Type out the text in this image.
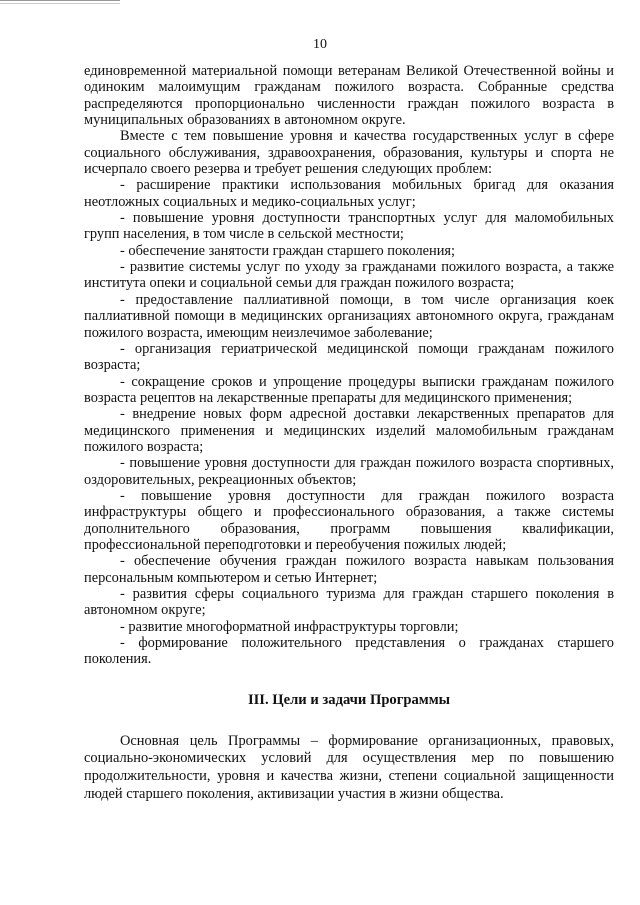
10

единовременной материальной помощи ветеранам Великой Отечественной войны и одиноким малоимущим гражданам пожилого возраста. Собранные средства распределяются пропорционально численности граждан пожилого возраста в муниципальных образованиях в автономном округе.

Вместе с тем повышение уровня и качества государственных услуг в сфере социального обслуживания, здравоохранения, образования, культуры и спорта не исчерпало своего резерва и требует решения следующих проблем:

- расширение практики использования мобильных бригад для оказания неотложных социальных и медико-социальных услуг;

- повышение уровня доступности транспортных услуг для маломобильных групп населения, в том числе в сельской местности;

- обеспечение занятости граждан старшего поколения;

- развитие системы услуг по уходу за гражданами пожилого возраста, а также института опеки и социальной семьи для граждан пожилого возраста;

- предоставление паллиативной помощи, в том числе организация коек паллиативной помощи в медицинских организациях автономного округа, гражданам пожилого возраста, имеющим неизлечимое заболевание;

- организация гериатрической медицинской помощи гражданам пожилого возраста;

- сокращение сроков и упрощение процедуры выписки гражданам пожилого возраста рецептов на лекарственные препараты для медицинского применения;

- внедрение новых форм адресной доставки лекарственных препаратов для медицинского применения и медицинских изделий маломобильным гражданам пожилого возраста;

- повышение уровня доступности для граждан пожилого возраста спортивных, оздоровительных, рекреационных объектов;

- повышение уровня доступности для граждан пожилого возраста инфраструктуры общего и профессионального образования, а также системы дополнительного образования, программ повышения квалификации, профессиональной переподготовки и переобучения пожилых людей;

- обеспечение обучения граждан пожилого возраста навыкам пользования персональным компьютером и сетью Интернет;

- развития сферы социального туризма для граждан старшего поколения в автономном округе;

- развитие многоформатной инфраструктуры торговли;

- формирование положительного представления о гражданах старшего поколения.

III. Цели и задачи Программы

Основная цель Программы – формирование организационных, правовых, социально-экономических условий для осуществления мер по повышению продолжительности, уровня и качества жизни, степени социальной защищенности людей старшего поколения, активизации участия в жизни общества.
